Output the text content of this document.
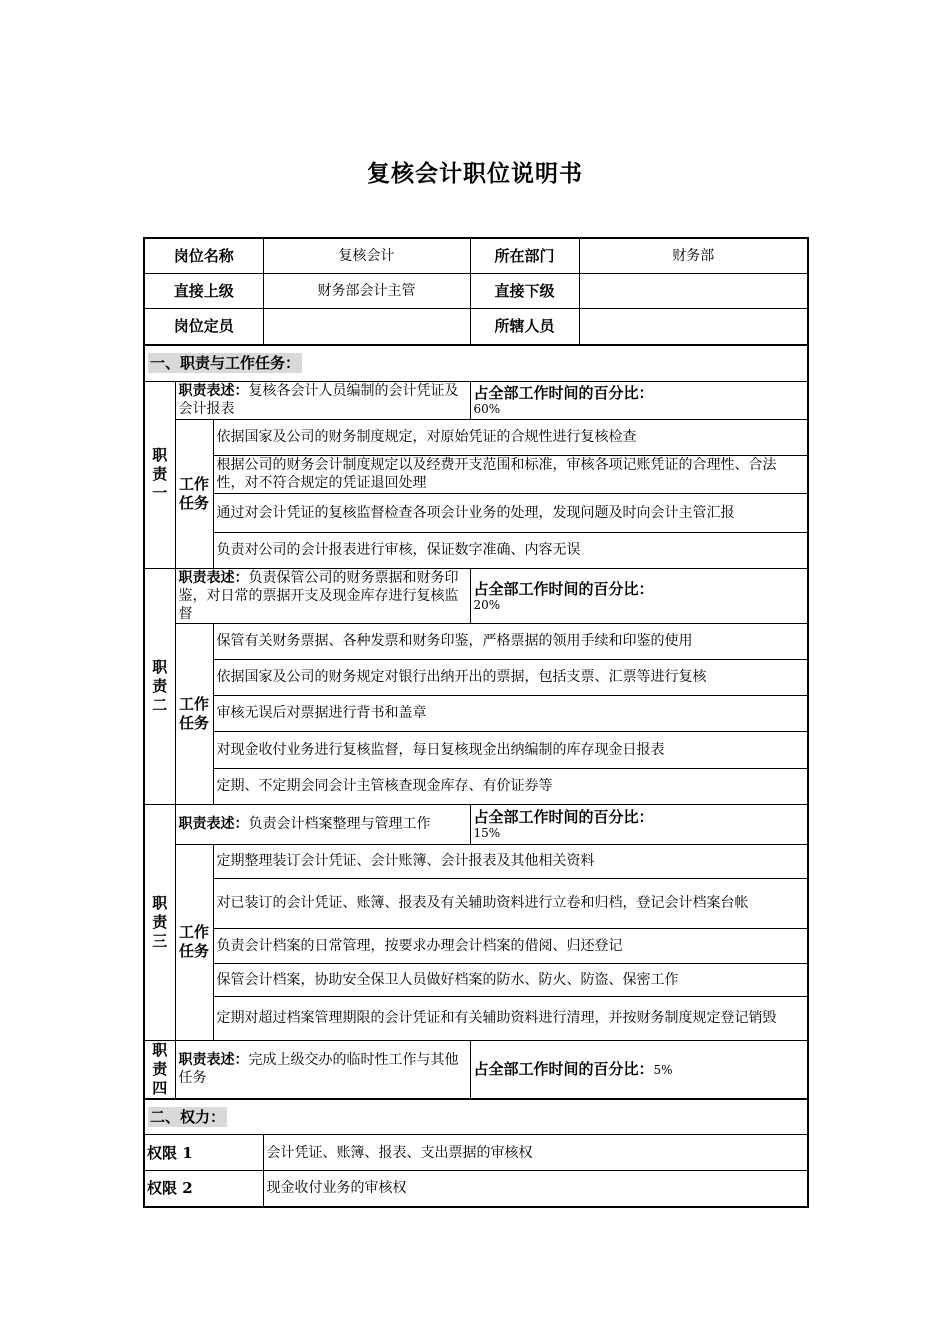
复核会计职位说明书
岗位名称			复核会计	所在部门	财务部
直接上级			财务部会计主管	直接下级	
岗位定员				所辖人员	
一、职责与工作任务：					

职责一	职责表述：复核各会计人员编制的会计凭证及会计报表			占全部工作时间的百分比：
60%	

	工作任务	依据国家及公司的财务制度规定，对原始凭证的合规性进行复核检查			
		根据公司的财务会计制度规定以及经费开支范围和标准，审核各项记账凭证的合理性、合法性，对不符合规定的凭证退回处理			
		通过对会计凭证的复核监督检查各项会计业务的处理，发现问题及时向会计主管汇报			
		负责对公司的会计报表进行审核，保证数字准确、内容无误			

职责二	职责表述：负责保管公司的财务票据和财务印鉴，对日常的票据开支及现金库存进行复核监督			占全部工作时间的百分比：
20%	

	工作任务	保管有关财务票据、各种发票和财务印鉴，严格票据的领用手续和印鉴的使用			
		依据国家及公司的财务规定对银行出纳开出的票据，包括支票、汇票等进行复核			
		审核无误后对票据进行背书和盖章			
		对现金收付业务进行复核监督，每日复核现金出纳编制的库存现金日报表			
		定期、不定期会同会计主管核查现金库存、有价证券等			

职责三	职责表述：负责会计档案整理与管理工作			占全部工作时间的百分比：
15%	

	工作任务	定期整理装订会计凭证、会计账簿、会计报表及其他相关资料			
		对已装订的会计凭证、账簿、报表及有关辅助资料进行立卷和归档，登记会计档案台帐			
		负责会计档案的日常管理，按要求办理会计档案的借阅、归还登记			
		保管会计档案，协助安全保卫人员做好档案的防水、防火、防盗、保密工作			
		定期对超过档案管理期限的会计凭证和有关辅助资料进行清理，并按财务制度规定登记销毁			

职责四	职责表述：完成上级交办的临时性工作与其他任务			占全部工作时间的百分比：5%	
二、权力：					
权限 1			会计凭证、账簿、报表、支出票据的审核权		
权限 2			现金收付业务的审核权		
